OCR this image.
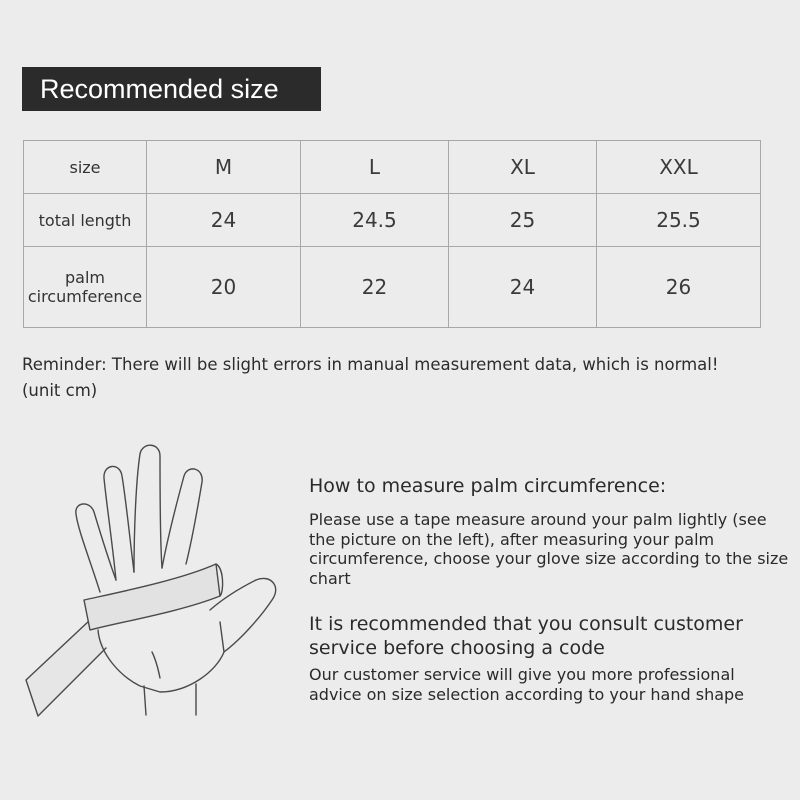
Recommended size
size	M	L	XL	XXL
total length	24	24.5	25	25.5
palm
circumference	20	22	24	26
Reminder: There will be slight errors in manual measurement data, which is normal!
(unit cm)
How to measure palm circumference:

Please use a tape measure around your palm lightly (see the picture on the left), after measuring your palm circumference, choose your glove size according to the size chart

It is recommended that you consult customer service before choosing a code

Our customer service will give you more professional advice on size selection according to your hand shape
